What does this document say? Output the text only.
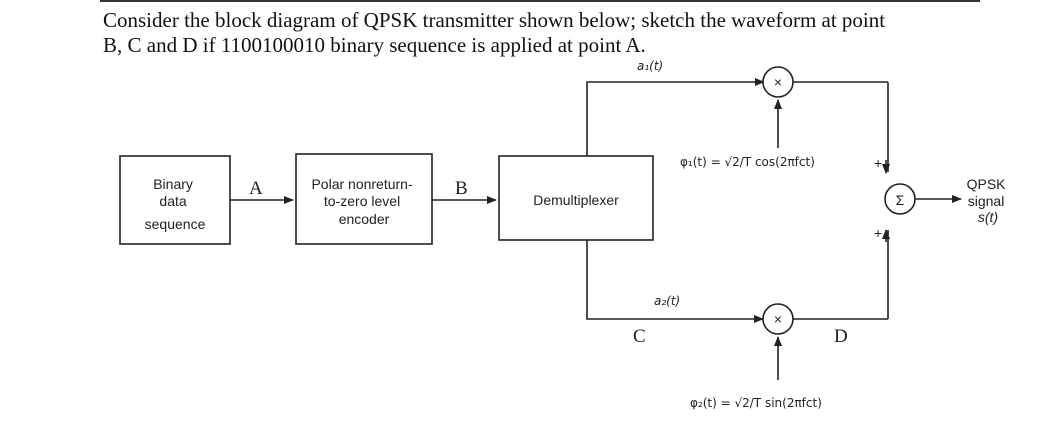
Consider the block diagram of QPSK transmitter shown below; sketch the waveform at point

B, C and D if 1100100010 binary sequence is applied at point A.

×
×
Σ
+
+
Binary data sequence
Polar nonreturn- to-zero level encoder
Demultiplexer
A	B
C	D
a₁(t)
a₂(t)
φ₁(t) = √2/T cos(2πfᴄt)
φ₂(t) = √2/T sin(2πfᴄt)
QPSK signal s(t)
